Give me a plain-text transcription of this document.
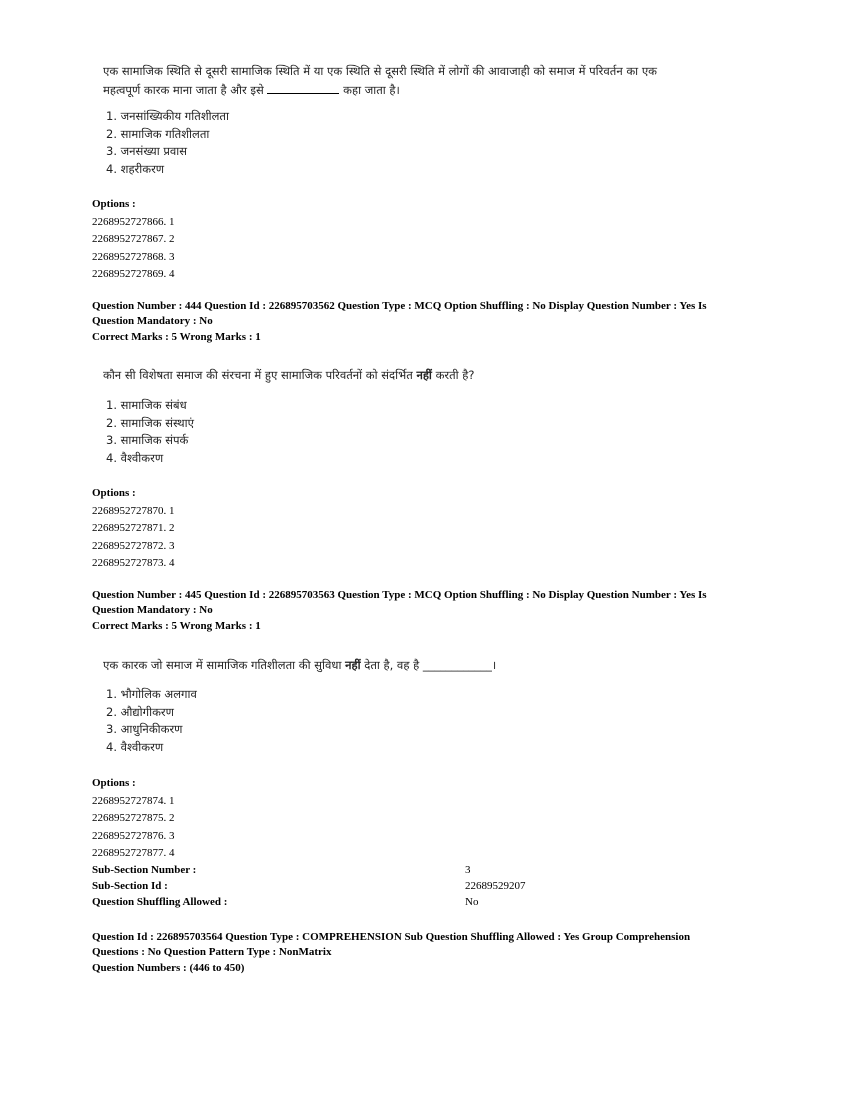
एक सामाजिक स्थिति से दूसरी सामाजिक स्थिति में या एक स्थिति से दूसरी स्थिति में लोगों की आवाजाही को समाज में परिवर्तन का एक
महत्वपूर्ण कारक माना जाता है और इसे	कहा जाता है।
1. जनसांख्यिकीय गतिशीलता
2. सामाजिक गतिशीलता
3. जनसंख्या प्रवास
4. शहरीकरण
Options :
2268952727866. 1
2268952727867. 2
2268952727868. 3
2268952727869. 4
Question Number : 444 Question Id : 226895703562 Question Type : MCQ Option Shuffling : No Display Question Number : Yes Is
Question Mandatory : No
Correct Marks : 5 Wrong Marks : 1
कौन सी विशेषता समाज की संरचना में हुए सामाजिक परिवर्तनों को संदर्भित नहीं करती है?
1. सामाजिक संबंध
2. सामाजिक संस्थाएं
3. सामाजिक संपर्क
4. वैश्वीकरण
Options :
2268952727870. 1
2268952727871. 2
2268952727872. 3
2268952727873. 4
Question Number : 445 Question Id : 226895703563 Question Type : MCQ Option Shuffling : No Display Question Number : Yes Is
Question Mandatory : No
Correct Marks : 5 Wrong Marks : 1
एक कारक जो समाज में सामाजिक गतिशीलता की सुविधा नहीं देता है, वह है ____________।
1. भौगोलिक अलगाव
2. औद्योगीकरण
3. आधुनिकीकरण
4. वैश्वीकरण
Options :
2268952727874. 1
2268952727875. 2
2268952727876. 3
2268952727877. 4
Sub-Section Number :	3
Sub-Section Id :	22689529207
Question Shuffling Allowed :	No
Question Id : 226895703564 Question Type : COMPREHENSION Sub Question Shuffling Allowed : Yes Group Comprehension
Questions : No Question Pattern Type : NonMatrix
Question Numbers : (446 to 450)
